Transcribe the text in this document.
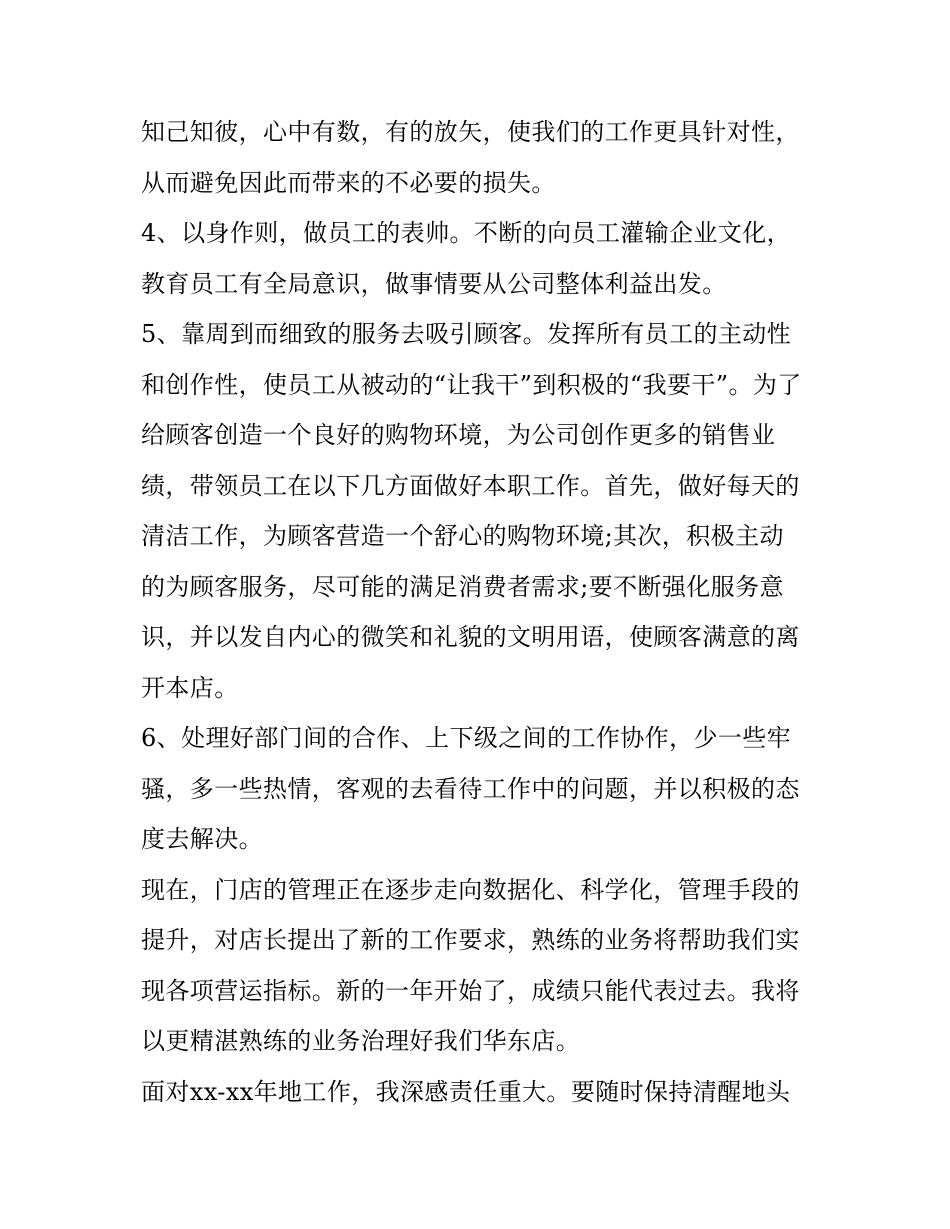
知己知彼，心中有数，有的放矢，使我们的工作更具针对性，
从而避免因此而带来的不必要的损失。
4、以身作则，做员工的表帅。不断的向员工灌输企业文化，
教育员工有全局意识，做事情要从公司整体利益出发。
5、靠周到而细致的服务去吸引顾客。发挥所有员工的主动性
和创作性，使员工从被动的“让我干”到积极的“我要干”。为了
给顾客创造一个良好的购物环境，为公司创作更多的销售业
绩，带领员工在以下几方面做好本职工作。首先，做好每天的
清洁工作，为顾客营造一个舒心的购物环境;其次，积极主动
的为顾客服务，尽可能的满足消费者需求;要不断强化服务意
识，并以发自内心的微笑和礼貌的文明用语，使顾客满意的离
开本店。
6、处理好部门间的合作、上下级之间的工作协作，少一些牢
骚，多一些热情，客观的去看待工作中的问题，并以积极的态
度去解决。
现在，门店的管理正在逐步走向数据化、科学化，管理手段的
提升，对店长提出了新的工作要求，熟练的业务将帮助我们实
现各项营运指标。新的一年开始了，成绩只能代表过去。我将
以更精湛熟练的业务治理好我们华东店。
面对xx-xx年地工作，我深感责任重大。要随时保持清醒地头
